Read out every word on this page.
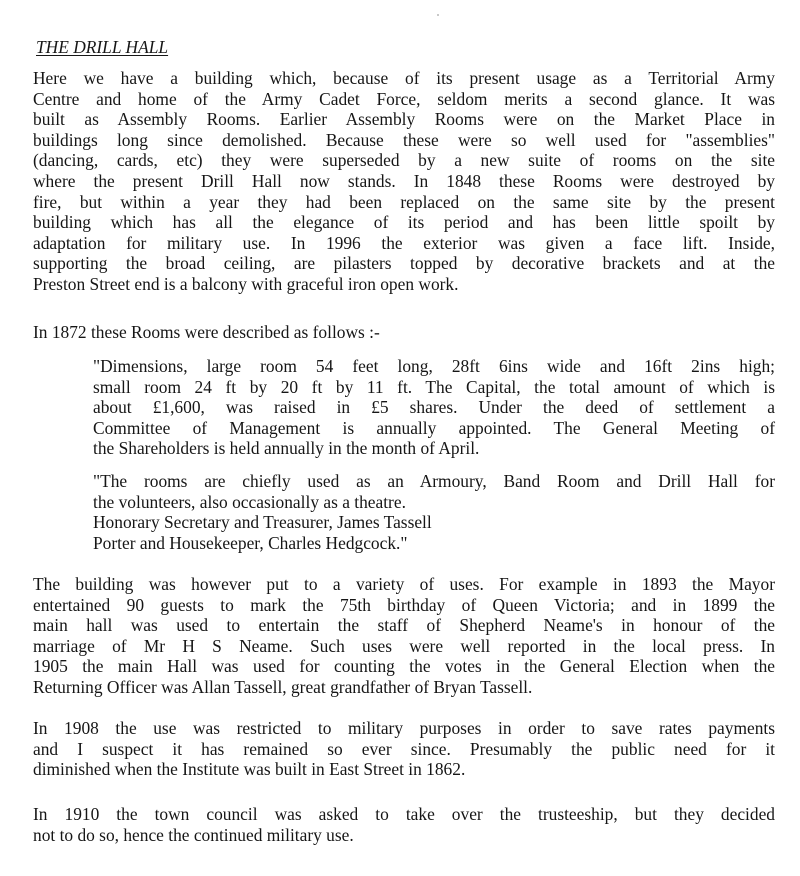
THE DRILL HALL
Here we have a building which, because of its present usage as a Territorial Army
Centre and home of the Army Cadet Force, seldom merits a second glance. It was
built as Assembly Rooms. Earlier Assembly Rooms were on the Market Place in
buildings long since demolished. Because these were so well used for "assemblies"
(dancing, cards, etc) they were superseded by a new suite of rooms on the site
where the present Drill Hall now stands. In 1848 these Rooms were destroyed by
fire, but within a year they had been replaced on the same site by the present
building which has all the elegance of its period and has been little spoilt by
adaptation for military use. In 1996 the exterior was given a face lift. Inside,
supporting the broad ceiling, are pilasters topped by decorative brackets and at the
Preston Street end is a balcony with graceful iron open work.
In 1872 these Rooms were described as follows :-
"Dimensions, large room 54 feet long, 28ft 6ins wide and 16ft 2ins high;
small room 24 ft by 20 ft by 11 ft. The Capital, the total amount of which is
about £1,600, was raised in £5 shares. Under the deed of settlement a
Committee of Management is annually appointed. The General Meeting of
the Shareholders is held annually in the month of April.
"The rooms are chiefly used as an Armoury, Band Room and Drill Hall for
the volunteers, also occasionally as a theatre.
Honorary Secretary and Treasurer, James Tassell
Porter and Housekeeper, Charles Hedgcock."
The building was however put to a variety of uses. For example in 1893 the Mayor
entertained 90 guests to mark the 75th birthday of Queen Victoria; and in 1899 the
main hall was used to entertain the staff of Shepherd Neame's in honour of the
marriage of Mr H S Neame. Such uses were well reported in the local press. In
1905 the main Hall was used for counting the votes in the General Election when the
Returning Officer was Allan Tassell, great grandfather of Bryan Tassell.
In 1908 the use was restricted to military purposes in order to save rates payments
and I suspect it has remained so ever since. Presumably the public need for it
diminished when the Institute was built in East Street in 1862.
In 1910 the town council was asked to take over the trusteeship, but they decided
not to do so, hence the continued military use.
